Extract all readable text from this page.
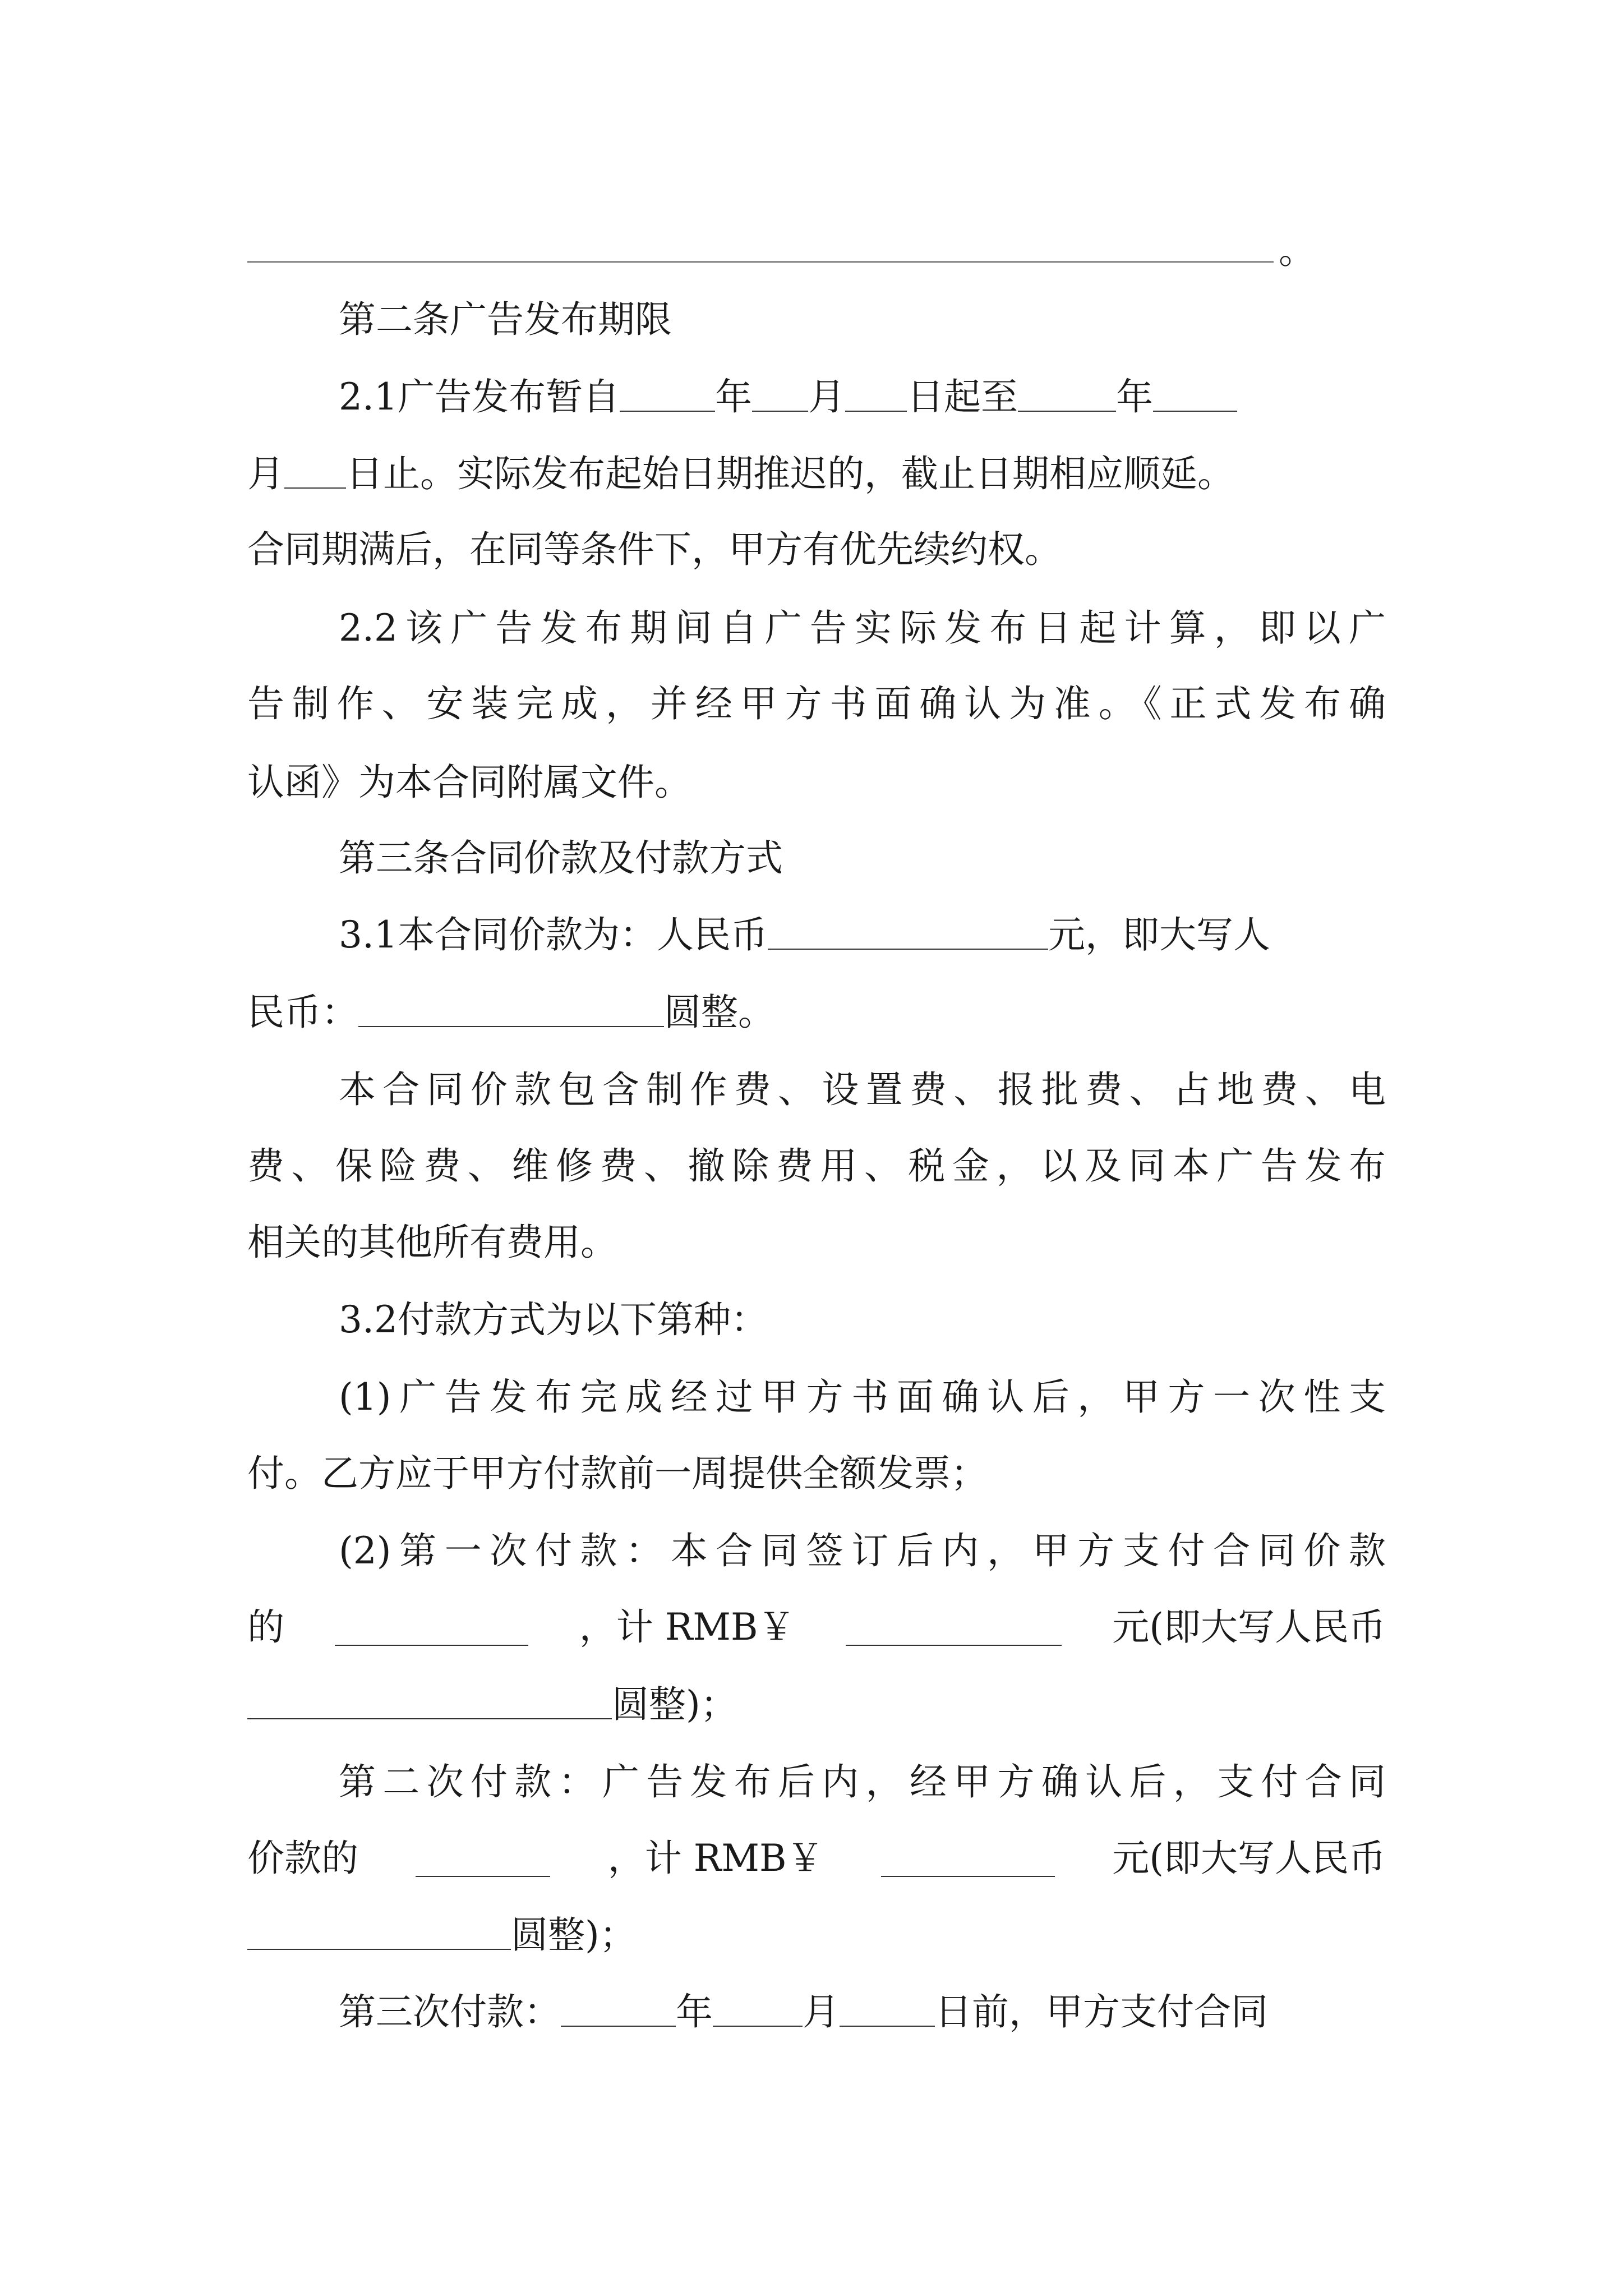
。
第二条广告发布期限
2.1广告发布暂自	年 月 日起至	年
月 日止。实际发布起始日期推迟的，截止日期相应顺延。
合同期满后，在同等条件下，甲方有优先续约权。
2.2该广告发布期间自广告实际发布日起计算，即以广
告制作、安装完成，并经甲方书面确认为准。《正式发布确
认函》为本合同附属文件。
第三条合同价款及付款方式
3.1本合同价款为：人民币	元，即大写人
民币：	圆整。
本合同价款包含制作费、设置费、报批费、占地费、电
费、保险费、维修费、撤除费用、税金，以及同本广告发布
相关的其他所有费用。
3.2付款方式为以下第种：
(1)广告发布完成经过甲方书面确认后，甲方一次性支
付。乙方应于甲方付款前一周提供全额发票；
(2)第一次付款：本合同签订后内，甲方支付合同价款
的	，计 RMB￥	元(即大写人民币
圆整)；
第二次付款：广告发布后内，经甲方确认后，支付合同
价款的	，计 RMB￥	元(即大写人民币
圆整)；
第三次付款：	年 月	日前，甲方支付合同
